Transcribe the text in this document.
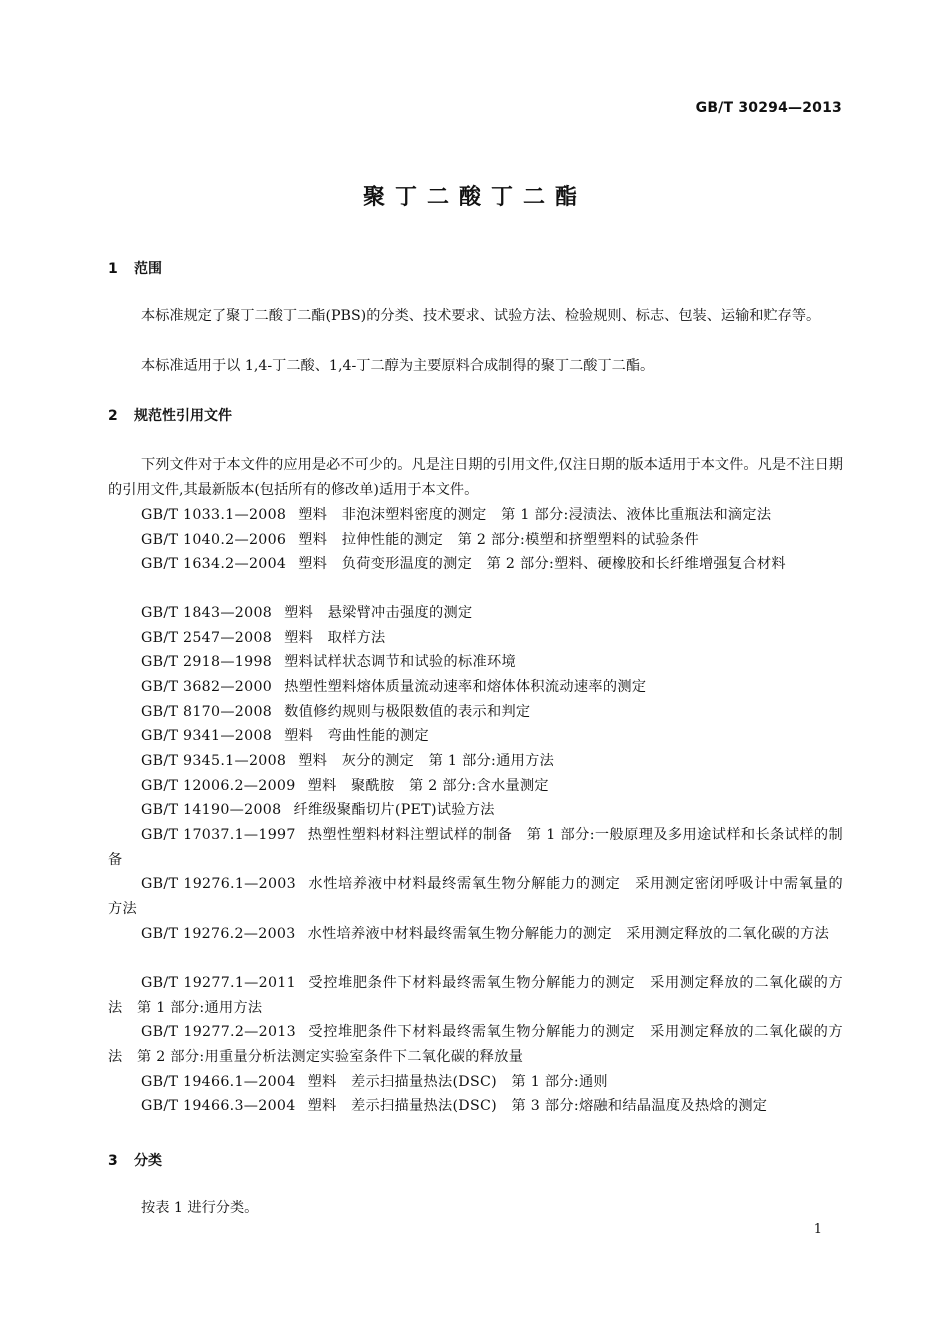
GB/T 30294—2013
聚丁二酸丁二酯
1 范围
本标准规定了聚丁二酸丁二酯(PBS)的分类、技术要求、试验方法、检验规则、标志、包装、运输和贮存等。
本标准适用于以 1,4-丁二酸、1,4-丁二醇为主要原料合成制得的聚丁二酸丁二酯。
2 规范性引用文件
下列文件对于本文件的应用是必不可少的。凡是注日期的引用文件,仅注日期的版本适用于本文件。凡是不注日期的引用文件,其最新版本(包括所有的修改单)适用于本文件。
GB/T 1033.1—2008 塑料　非泡沫塑料密度的测定　第 1 部分:浸渍法、液体比重瓶法和滴定法
GB/T 1040.2—2006 塑料　拉伸性能的测定　第 2 部分:模塑和挤塑塑料的试验条件
GB/T 1634.2—2004 塑料　负荷变形温度的测定　第 2 部分:塑料、硬橡胶和长纤维增强复合材料
GB/T 1843—2008 塑料　悬梁臂冲击强度的测定
GB/T 2547—2008 塑料　取样方法
GB/T 2918—1998 塑料试样状态调节和试验的标准环境
GB/T 3682—2000 热塑性塑料熔体质量流动速率和熔体体积流动速率的测定
GB/T 8170—2008 数值修约规则与极限数值的表示和判定
GB/T 9341—2008 塑料　弯曲性能的测定
GB/T 9345.1—2008 塑料　灰分的测定　第 1 部分:通用方法
GB/T 12006.2—2009 塑料　聚酰胺　第 2 部分:含水量测定
GB/T 14190—2008 纤维级聚酯切片(PET)试验方法
GB/T 17037.1—1997 热塑性塑料材料注塑试样的制备　第 1 部分:一般原理及多用途试样和长条试样的制备
GB/T 19276.1—2003 水性培养液中材料最终需氧生物分解能力的测定　采用测定密闭呼吸计中需氧量的方法
GB/T 19276.2—2003 水性培养液中材料最终需氧生物分解能力的测定　采用测定释放的二氧化碳的方法
GB/T 19277.1—2011 受控堆肥条件下材料最终需氧生物分解能力的测定　采用测定释放的二氧化碳的方法　第 1 部分:通用方法
GB/T 19277.2—2013 受控堆肥条件下材料最终需氧生物分解能力的测定　采用测定释放的二氧化碳的方法　第 2 部分:用重量分析法测定实验室条件下二氧化碳的释放量
GB/T 19466.1—2004 塑料　差示扫描量热法(DSC)　第 1 部分:通则
GB/T 19466.3—2004 塑料　差示扫描量热法(DSC)　第 3 部分:熔融和结晶温度及热焓的测定
3 分类
按表 1 进行分类。
1
